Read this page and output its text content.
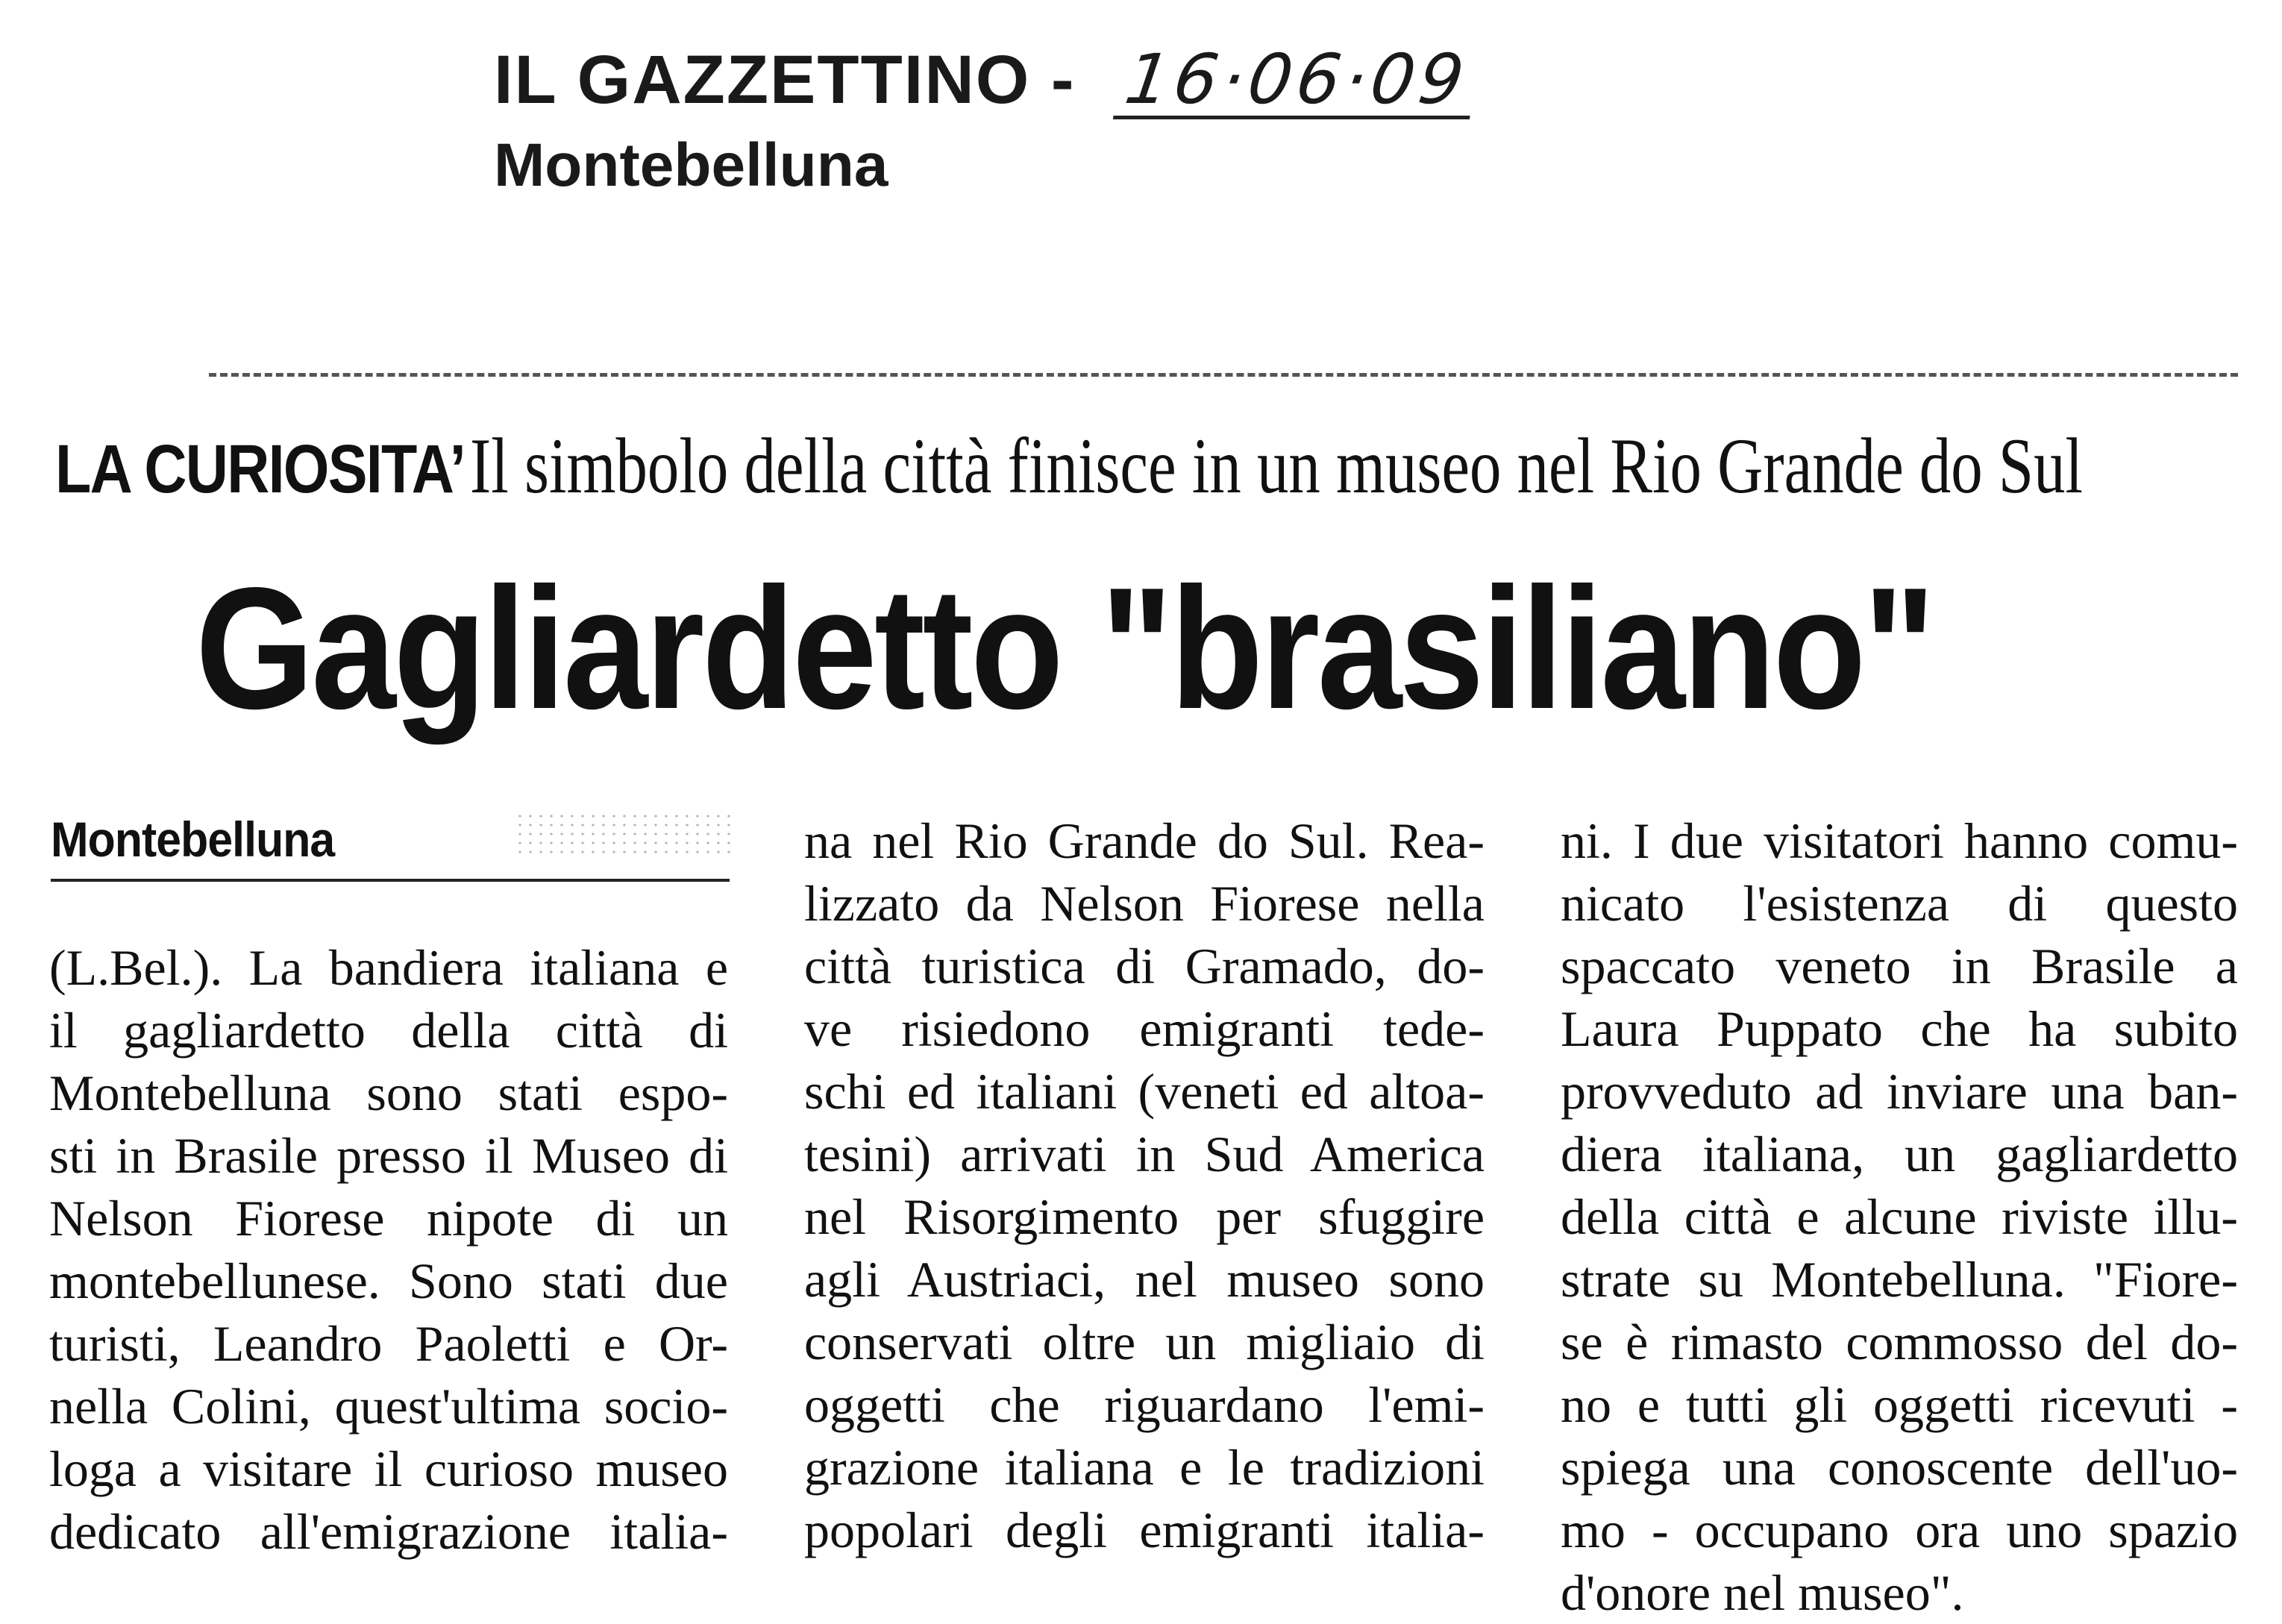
IL GAZZETTINO - 16·06·09
Montebelluna
LA CURIOSITA’ Il simbolo della città finisce in un museo nel Rio Grande do Sul
Gagliardetto "brasiliano"
Montebelluna
(L.Bel.). La bandiera italiana e
il gagliardetto della città di
Montebelluna sono stati espo-
sti in Brasile presso il Museo di
Nelson Fiorese nipote di un
montebellunese. Sono stati due
turisti, Leandro Paoletti e Or-
nella Colini, quest'ultima socio-
loga a visitare il curioso museo
dedicato all'emigrazione italia-
na nel Rio Grande do Sul. Rea-
lizzato da Nelson Fiorese nella
città turistica di Gramado, do-
ve risiedono emigranti tede-
schi ed italiani (veneti ed altoa-
tesini) arrivati in Sud America
nel Risorgimento per sfuggire
agli Austriaci, nel museo sono
conservati oltre un migliaio di
oggetti che riguardano l'emi-
grazione italiana e le tradizioni
popolari degli emigranti italia-
ni. I due visitatori hanno comu-
nicato l'esistenza di questo
spaccato veneto in Brasile a
Laura Puppato che ha subito
provveduto ad inviare una ban-
diera italiana, un gagliardetto
della città e alcune riviste illu-
strate su Montebelluna. "Fiore-
se è rimasto commosso del do-
no e tutti gli oggetti ricevuti -
spiega una conoscente dell'uo-
mo - occupano ora uno spazio
d'onore nel museo".
